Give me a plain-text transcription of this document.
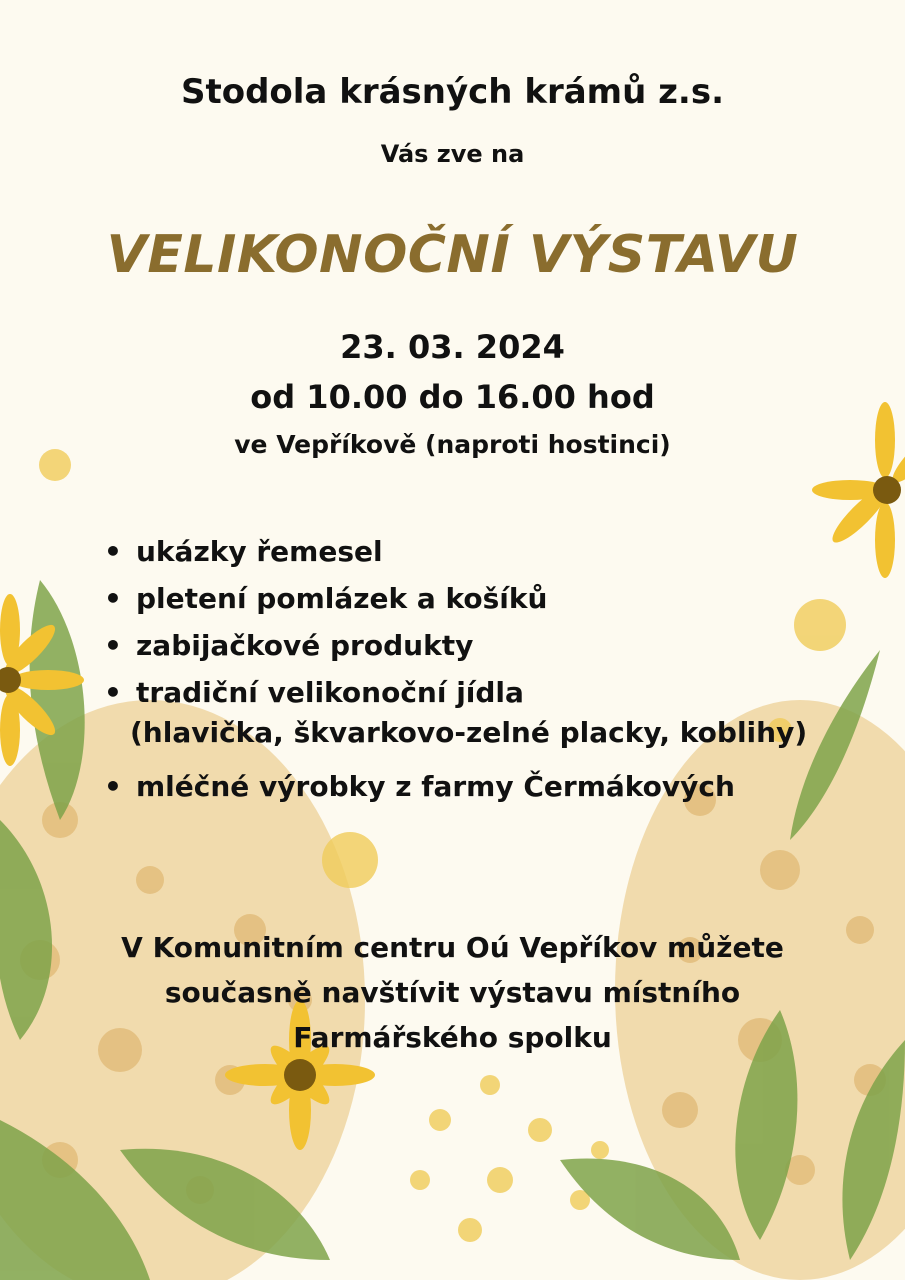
Stodola krásných krámů z.s.
Vás zve na
VELIKONOČNÍ VÝSTAVU
23. 03. 2024
od 10.00 do 16.00 hod
ve Vepříkově (naproti hostinci)
• ukázky řemesel
• pletení pomlázek a košíků
• zabijačkové produkty
• tradiční velikonoční jídla

• mléčné výrobky z farmy Čermákových
(hlavička, škvarkovo-zelné placky, koblihy)
V Komunitním centru Oú Vepříkov můžete
současně navštívit výstavu místního
Farmářského spolku
